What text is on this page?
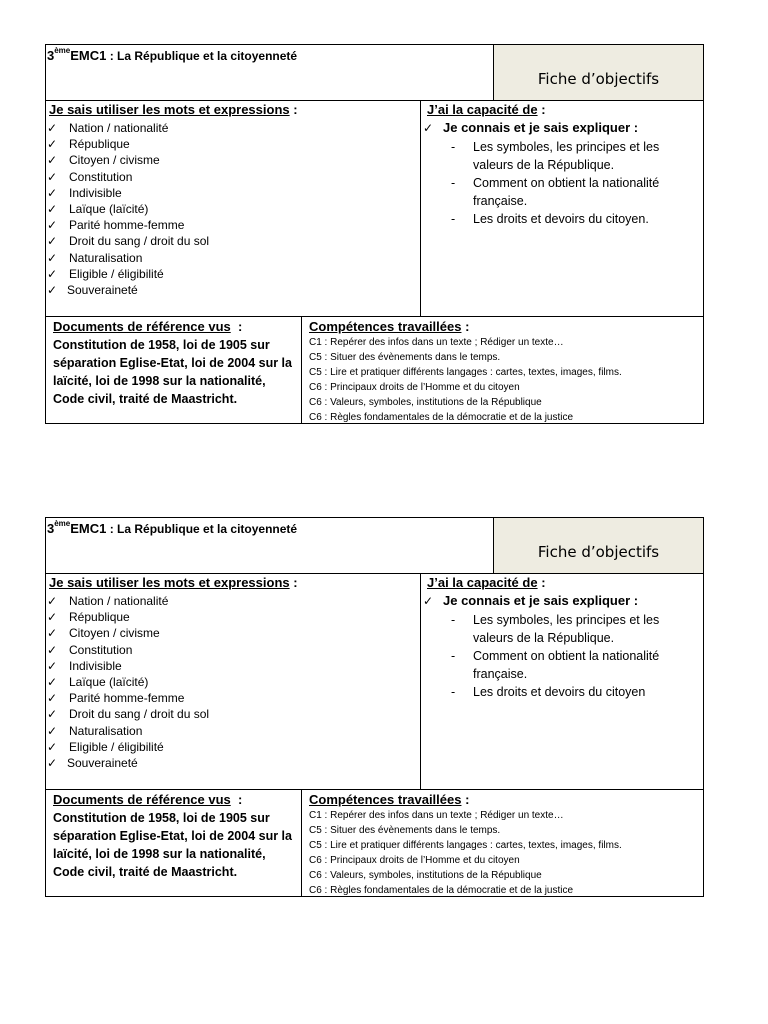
3èmeEMC1 : La République et la citoyenneté
Fiche d’objectifs
Je sais utiliser les mots et expressions :
✓ Nation / nationalité
✓ République
✓ Citoyen / civisme
✓ Constitution
✓ Indivisible
✓ Laïque (laïcité)
✓ Parité homme-femme
✓ Droit du sang / droit du sol
✓ Naturalisation
✓ Eligible / éligibilité
✓ Souveraineté
J’ai la capacité de :
✓ Je connais et je sais expliquer :
- Les symboles, les principes et les valeurs de la République.
- Comment on obtient la nationalité française.
- Les droits et devoirs du citoyen.
Documents de référence vus  :
Constitution de 1958, loi de 1905 sur séparation Eglise-Etat, loi de 2004 sur la laïcité, loi de 1998 sur la nationalité, Code civil, traité de Maastricht.
Compétences travaillées :
C1 : Repérer des infos dans un texte ; Rédiger un texte…
C5 : Situer des évènements dans le temps.
C5 : Lire et pratiquer différents langages : cartes, textes, images, films.
C6 : Principaux droits de l’Homme et du citoyen
C6 : Valeurs, symboles, institutions de la République
C6 : Règles fondamentales de la démocratie et de la justice
3èmeEMC1 : La République et la citoyenneté
Fiche d’objectifs
Je sais utiliser les mots et expressions :
✓ Nation / nationalité
✓ République
✓ Citoyen / civisme
✓ Constitution
✓ Indivisible
✓ Laïque (laïcité)
✓ Parité homme-femme
✓ Droit du sang / droit du sol
✓ Naturalisation
✓ Eligible / éligibilité
✓ Souveraineté
J’ai la capacité de :
✓ Je connais et je sais expliquer :
- Les symboles, les principes et les valeurs de la République.
- Comment on obtient la nationalité française.
- Les droits et devoirs du citoyen
Documents de référence vus  :
Constitution de 1958, loi de 1905 sur séparation Eglise-Etat, loi de 2004 sur la laïcité, loi de 1998 sur la nationalité, Code civil, traité de Maastricht.
Compétences travaillées :
C1 : Repérer des infos dans un texte ; Rédiger un texte…
C5 : Situer des évènements dans le temps.
C5 : Lire et pratiquer différents langages : cartes, textes, images, films.
C6 : Principaux droits de l’Homme et du citoyen
C6 : Valeurs, symboles, institutions de la République
C6 : Règles fondamentales de la démocratie et de la justice
